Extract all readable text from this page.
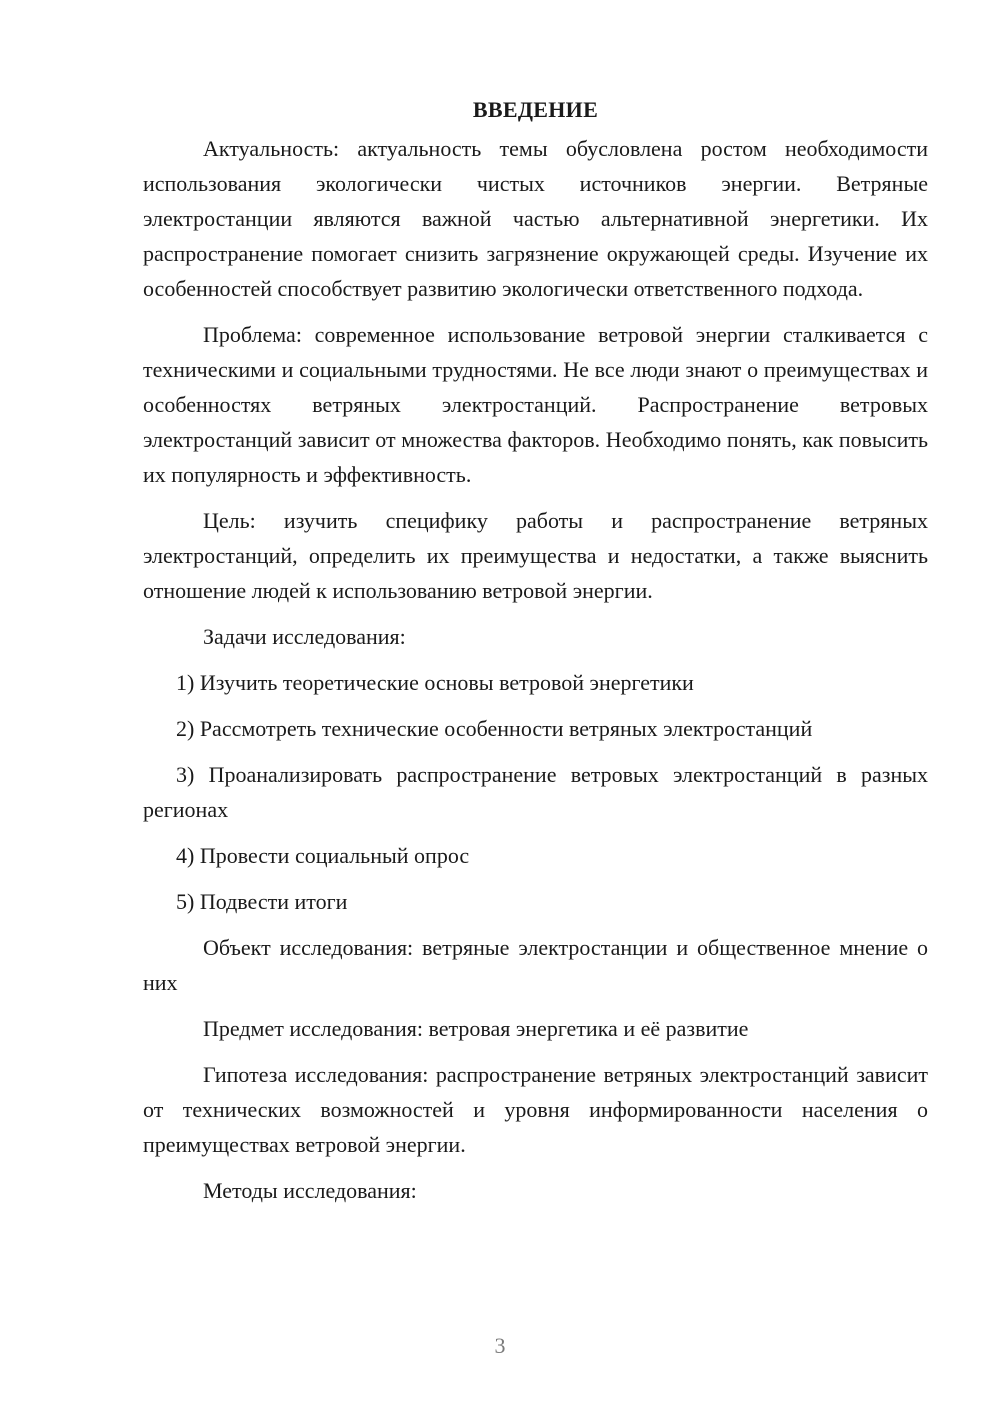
ВВЕДЕНИЕ
Актуальность: актуальность темы обусловлена ростом необходимости использования экологически чистых источников энергии. Ветряные электростанции являются важной частью альтернативной энергетики. Их распространение помогает снизить загрязнение окружающей среды. Изучение их особенностей способствует развитию экологически ответственного подхода.
Проблема: современное использование ветровой энергии сталкивается с техническими и социальными трудностями. Не все люди знают о преимуществах и особенностях ветряных электростанций. Распространение ветровых электростанций зависит от множества факторов. Необходимо понять, как повысить их популярность и эффективность.
Цель: изучить специфику работы и распространение ветряных электростанций, определить их преимущества и недостатки, а также выяснить отношение людей к использованию ветровой энергии.
Задачи исследования:
1) Изучить теоретические основы ветровой энергетики
2) Рассмотреть технические особенности ветряных электростанций
3) Проанализировать распространение ветровых электростанций в разных регионах
4) Провести социальный опрос
5) Подвести итоги
Объект исследования: ветряные электростанции и общественное мнение о них
Предмет исследования: ветровая энергетика и её развитие
Гипотеза исследования: распространение ветряных электростанций зависит от технических возможностей и уровня информированности населения о преимуществах ветровой энергии.
Методы исследования:
3
